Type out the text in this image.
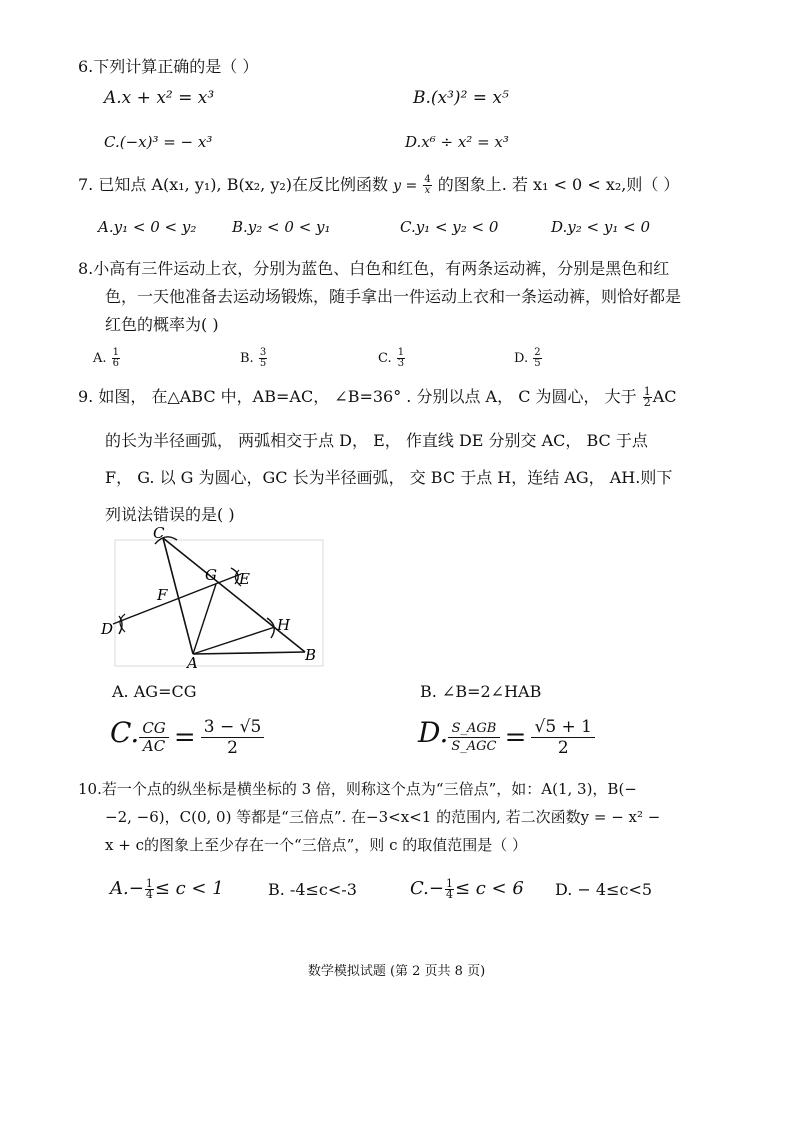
6.下列计算正确的是（ ）
A.x + x² = x³	B.(x³)² = x⁵
C.(−x)³ = − x³	D.x⁶ ÷ x² = x³
7. 已知点 A(x₁, y₁), B(x₂, y₂)在反比例函数 $y = \frac{4}{x}$ 的图象上. 若 x₁ < 0 < x₂,则（ ）
A.y₁ < 0 < y₂ B.y₂ < 0 < y₁	C.y₁ < y₂ < 0	D.y₂ < y₁ < 0
8.小高有三件运动上衣，分别为蓝色、白色和红色，有两条运动裤，分别是黑色和红
色，一天他准备去运动场锻炼，随手拿出一件运动上衣和一条运动裤，则恰好都是
红色的概率为( )
A. $\frac{1}{6}$	B. $\frac{3}{5}$	C. $\frac{1}{3}$	D. $\frac{2}{5}$
9. 如图， 在△ABC 中，AB=AC， ∠B=36° . 分别以点 A， C 为圆心， 大于 $\frac{1}{2}$ AC
的长为半径画弧， 两弧相交于点 D， E， 作直线 DE 分别交 AC， BC 于点
F， G. 以 G 为圆心，GC 长为半径画弧， 交 BC 于点 H，连结 AG， AH.则下
列说法错误的是( )
C
G E
F
D	H
A	B
A. AG=CG	B. ∠B=2∠HAB
C. $\frac{CG}{AC} = \frac{3 - √5}{2}$	D. S_AGB
S_AGC = $\frac{√5 + 1}{2}$
10.若一个点的纵坐标是横坐标的 3 倍，则称这个点为“三倍点”，如：A(1, 3)，B(−
−2, −6)，C(0, 0) 等都是“三倍点”. 在−3<x<1 的范围内, 若二次函数y = − x² −
x + c的图象上至少存在一个“三倍点”，则 c 的取值范围是（ ）
$A.- \frac{1}{4} \le c < 1$	B. -4≤c<-3	$C.- \frac{1}{4} \le c < 6$ D. − 4≤c<5
数学模拟试题 (第 2 页共 8 页)
